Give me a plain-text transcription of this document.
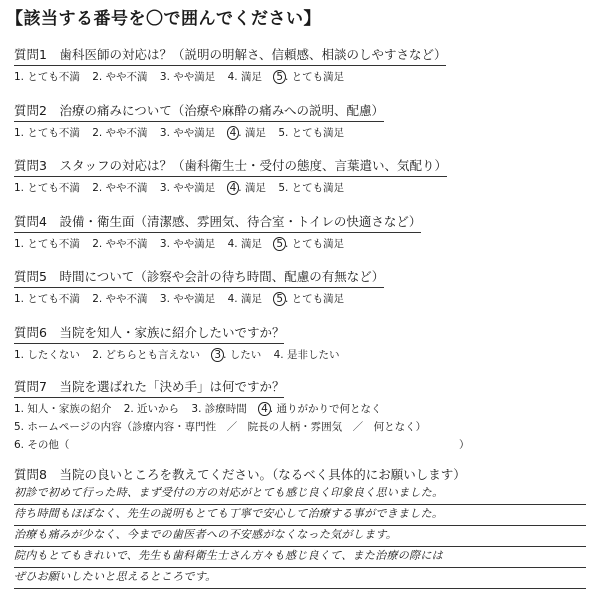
【該当する番号を〇で囲んでください】
質問1　歯科医師の対応は？（説明の明解さ、信頼感、相談のしやすさなど）
1. とても不満 2. やや不満 3. やや満足 4. 満足 5 . とても満足
質問2　治療の痛みについて（治療や麻酔の痛みへの説明、配慮）
1. とても不満 2. やや不満 3. やや満足 4 . 満足 5. とても満足
質問3　スタッフの対応は？（歯科衛生士・受付の態度、言葉遣い、気配り）
1. とても不満 2. やや不満 3. やや満足 4 . 満足 5. とても満足
質問4　設備・衛生面（清潔感、雰囲気、待合室・トイレの快適さなど）
1. とても不満 2. やや不満 3. やや満足 4. 満足 5 . とても満足
質問5　時間について（診察や会計の待ち時間、配慮の有無など）
1. とても不満 2. やや不満 3. やや満足 4. 満足 5 . とても満足
質問6　当院を知人・家族に紹介したいですか？
1. したくない 2. どちらとも言えない 3 . したい 4. 是非したい
質問7　当院を選ばれた「決め手」は何ですか？
1. 知人・家族の紹介 2. 近いから 3. 診療時間 4 . 通りがかりで何となく
5. ホームページの内容（診療内容・専門性　／　院長の人柄・雰囲気　／　何となく）
6. その他（	）
質問8　当院の良いところを教えてください。（なるべく具体的にお願いします）
初診で初めて行った時、まず受付の方の対応がとても感じ良く印象良く思いました。
待ち時間もほぼなく、先生の説明もとても丁寧で安心して治療する事ができました。
治療も痛みが少なく、今までの歯医者への不安感がなくなった気がします。
院内もとてもきれいで、先生も歯科衛生士さん方々も感じ良くて、また治療の際には
ぜひお願いしたいと思えるところです。
